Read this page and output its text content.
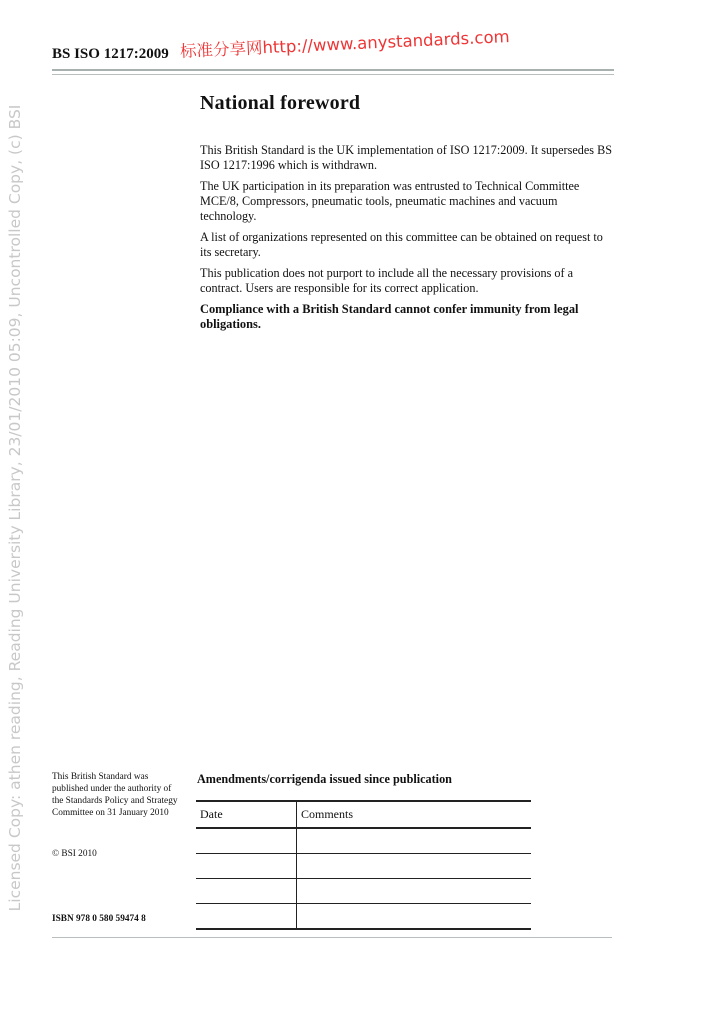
Licensed Copy: athen reading, Reading University Library, 23/01/2010 05:09, Uncontrolled Copy, (c) BSI
BS ISO 1217:2009 标准分享网http://www.anystandards.com
National foreword

This British Standard is the UK implementation of ISO 1217:2009. It supersedes BS ISO 1217:1996 which is withdrawn.

The UK participation in its preparation was entrusted to Technical Committee MCE/8, Compressors, pneumatic tools, pneumatic machines and vacuum technology.

A list of organizations represented on this committee can be obtained on request to its secretary.

This publication does not purport to include all the necessary provisions of a contract. Users are responsible for its correct application.

Compliance with a British Standard cannot confer immunity from legal obligations.

This British Standard was published under the authority of the Standards Policy and Strategy Committee on 31 January 2010
© BSI 2010
ISBN 978 0 580 59474 8
Amendments/corrigenda issued since publication
Date	Comments
